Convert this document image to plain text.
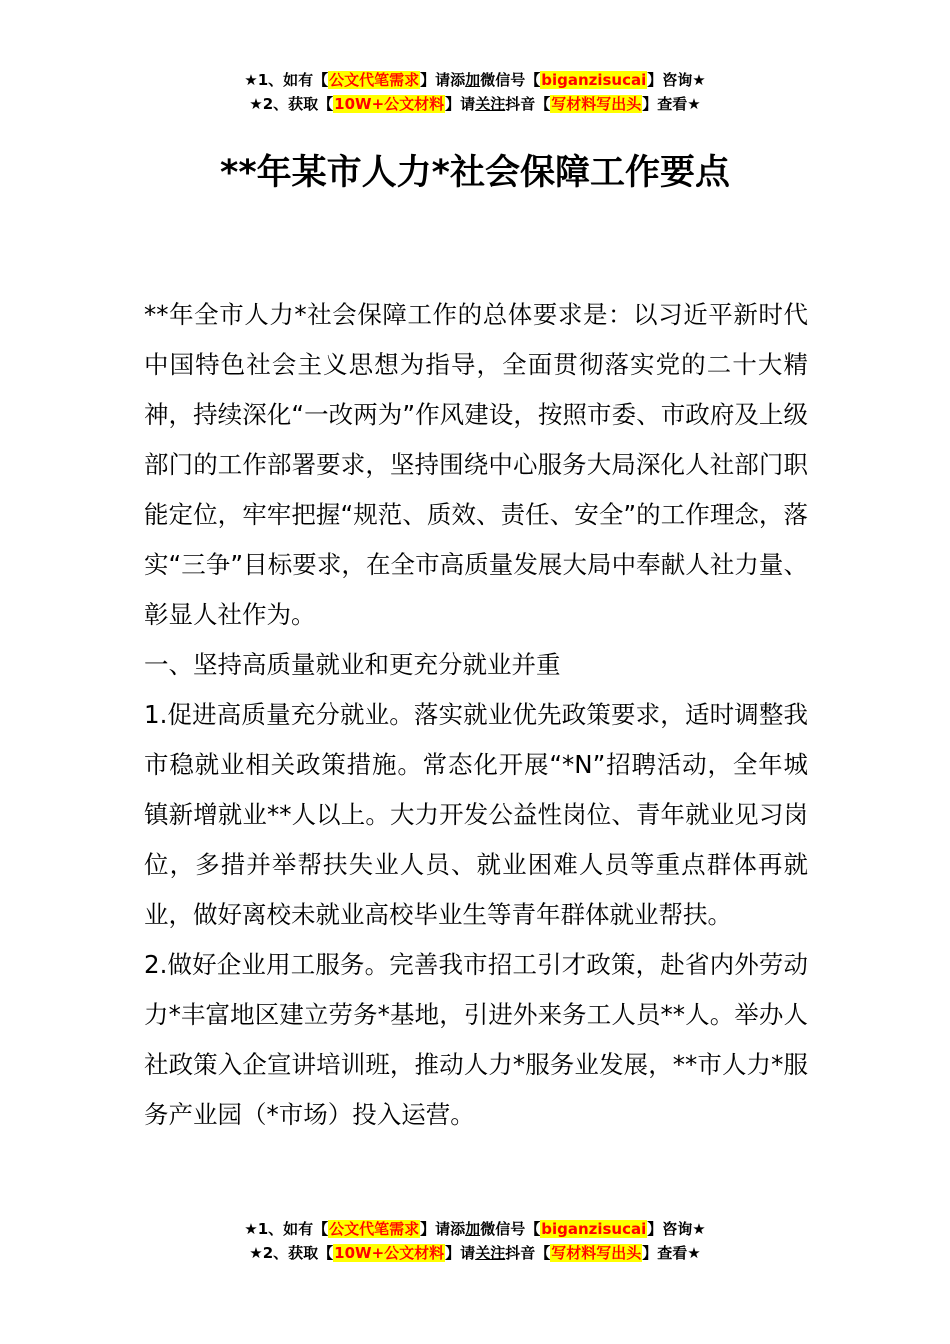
★1、如有【公文代笔需求】请添加微信号【biganzisucai】咨询★
★2、获取【10W+公文材料】请关注抖音【写材料写出头】查看★
**年某市人力*社会保障工作要点

**年全市人力*社会保障工作的总体要求是：以习近平新时代中国特色社会主义思想为指导，全面贯彻落实党的二十大精神，持续深化“一改两为”作风建设，按照市委、市政府及上级部门的工作部署要求，坚持围绕中心服务大局深化人社部门职能定位，牢牢把握“规范、质效、责任、安全”的工作理念，落实“三争”目标要求，在全市高质量发展大局中奉献人社力量、彰显人社作为。

一、坚持高质量就业和更充分就业并重

1.促进高质量充分就业。落实就业优先政策要求，适时调整我市稳就业相关政策措施。常态化开展“*N”招聘活动，全年城镇新增就业**人以上。大力开发公益性岗位、青年就业见习岗位，多措并举帮扶失业人员、就业困难人员等重点群体再就业，做好离校未就业高校毕业生等青年群体就业帮扶。

2.做好企业用工服务。完善我市招工引才政策，赴省内外劳动力*丰富地区建立劳务*基地，引进外来务工人员**人。举办人社政策入企宣讲培训班，推动人力*服务业发展，**市人力*服务产业园（*市场）投入运营。

★1、如有【公文代笔需求】请添加微信号【biganzisucai】咨询★
★2、获取【10W+公文材料】请关注抖音【写材料写出头】查看★
